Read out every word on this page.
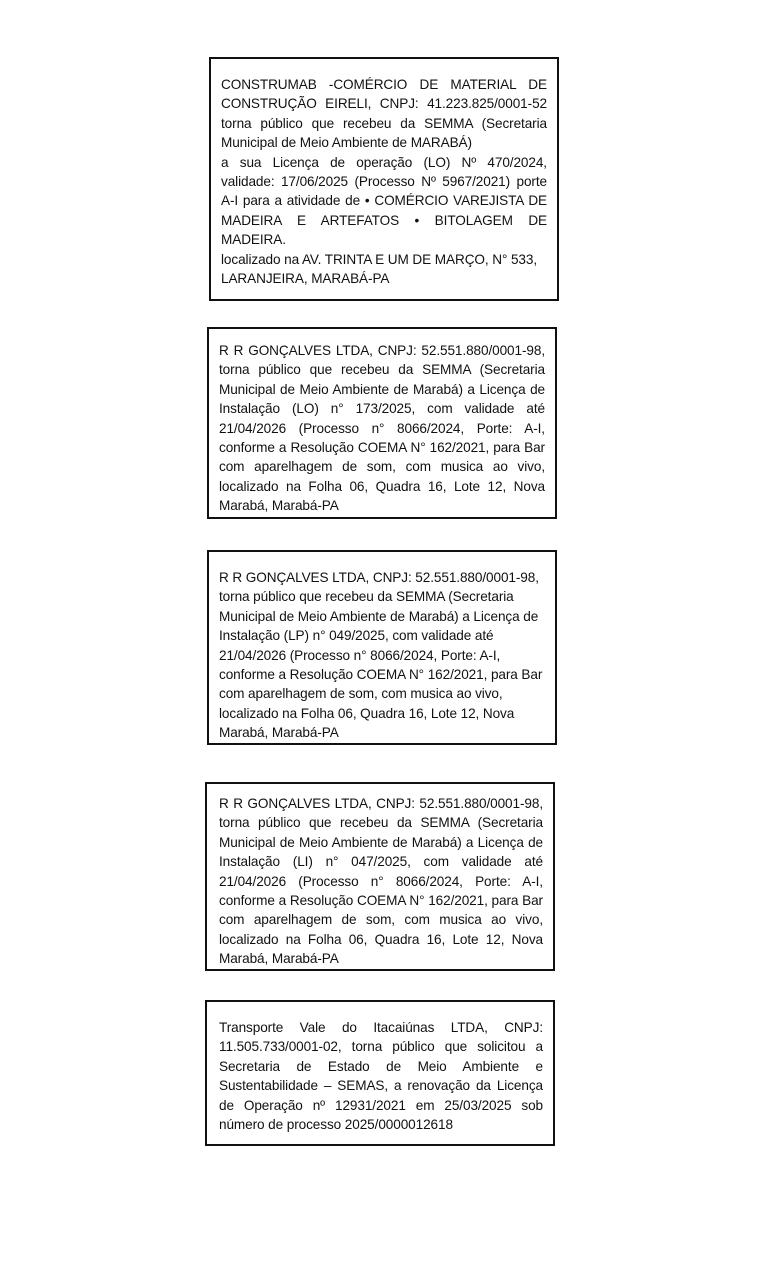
CONSTRUMAB -COMÉRCIO DE MATERIAL DE CONSTRUÇÃO EIRELI, CNPJ: 41.223.825/0001-52 torna público que recebeu da SEMMA (Secretaria Municipal de Meio Ambiente de MARABÁ)

a sua Licença de operação (LO) Nº 470/2024, validade: 17/06/2025 (Processo Nº 5967/2021) porte A-I para a atividade de • COMÉRCIO VAREJISTA DE MADEIRA E ARTEFATOS • BITOLAGEM DE MADEIRA.

localizado na AV. TRINTA E UM DE MARÇO, N° 533, LARANJEIRA, MARABÁ-PA

R R GONÇALVES LTDA, CNPJ: 52.551.880/0001-98, torna público que recebeu da SEMMA (Secretaria Municipal de Meio Ambiente de Marabá) a Licença de Instalação (LO) n° 173/2025, com validade até 21/04/2026 (Processo n° 8066/2024, Porte: A-I, conforme a Resolução COEMA N° 162/2021, para Bar com aparelhagem de som, com musica ao vivo, localizado na Folha 06, Quadra 16, Lote 12, Nova Marabá, Marabá-PA

R R GONÇALVES LTDA, CNPJ: 52.551.880/0001-98, torna público que recebeu da SEMMA (Secretaria Municipal de Meio Ambiente de Marabá) a Licença de Instalação (LP) n° 049/2025, com validade até 21/04/2026 (Processo n° 8066/2024, Porte: A-I, conforme a Resolução COEMA N° 162/2021, para Bar com aparelhagem de som, com musica ao vivo, localizado na Folha 06, Quadra 16, Lote 12, Nova Marabá, Marabá-PA

R R GONÇALVES LTDA, CNPJ: 52.551.880/0001-98, torna público que recebeu da SEMMA (Secretaria Municipal de Meio Ambiente de Marabá) a Licença de Instalação (LI) n° 047/2025, com validade até 21/04/2026 (Processo n° 8066/2024, Porte: A-I, conforme a Resolução COEMA N° 162/2021, para Bar com aparelhagem de som, com musica ao vivo, localizado na Folha 06, Quadra 16, Lote 12, Nova Marabá, Marabá-PA

Transporte Vale do Itacaiúnas LTDA, CNPJ: 11.505.733/0001-02, torna público que solicitou a Secretaria de Estado de Meio Ambiente e Sustentabilidade – SEMAS, a renovação da Licença de Operação nº 12931/2021 em 25/03/2025 sob número de processo 2025/0000012618
